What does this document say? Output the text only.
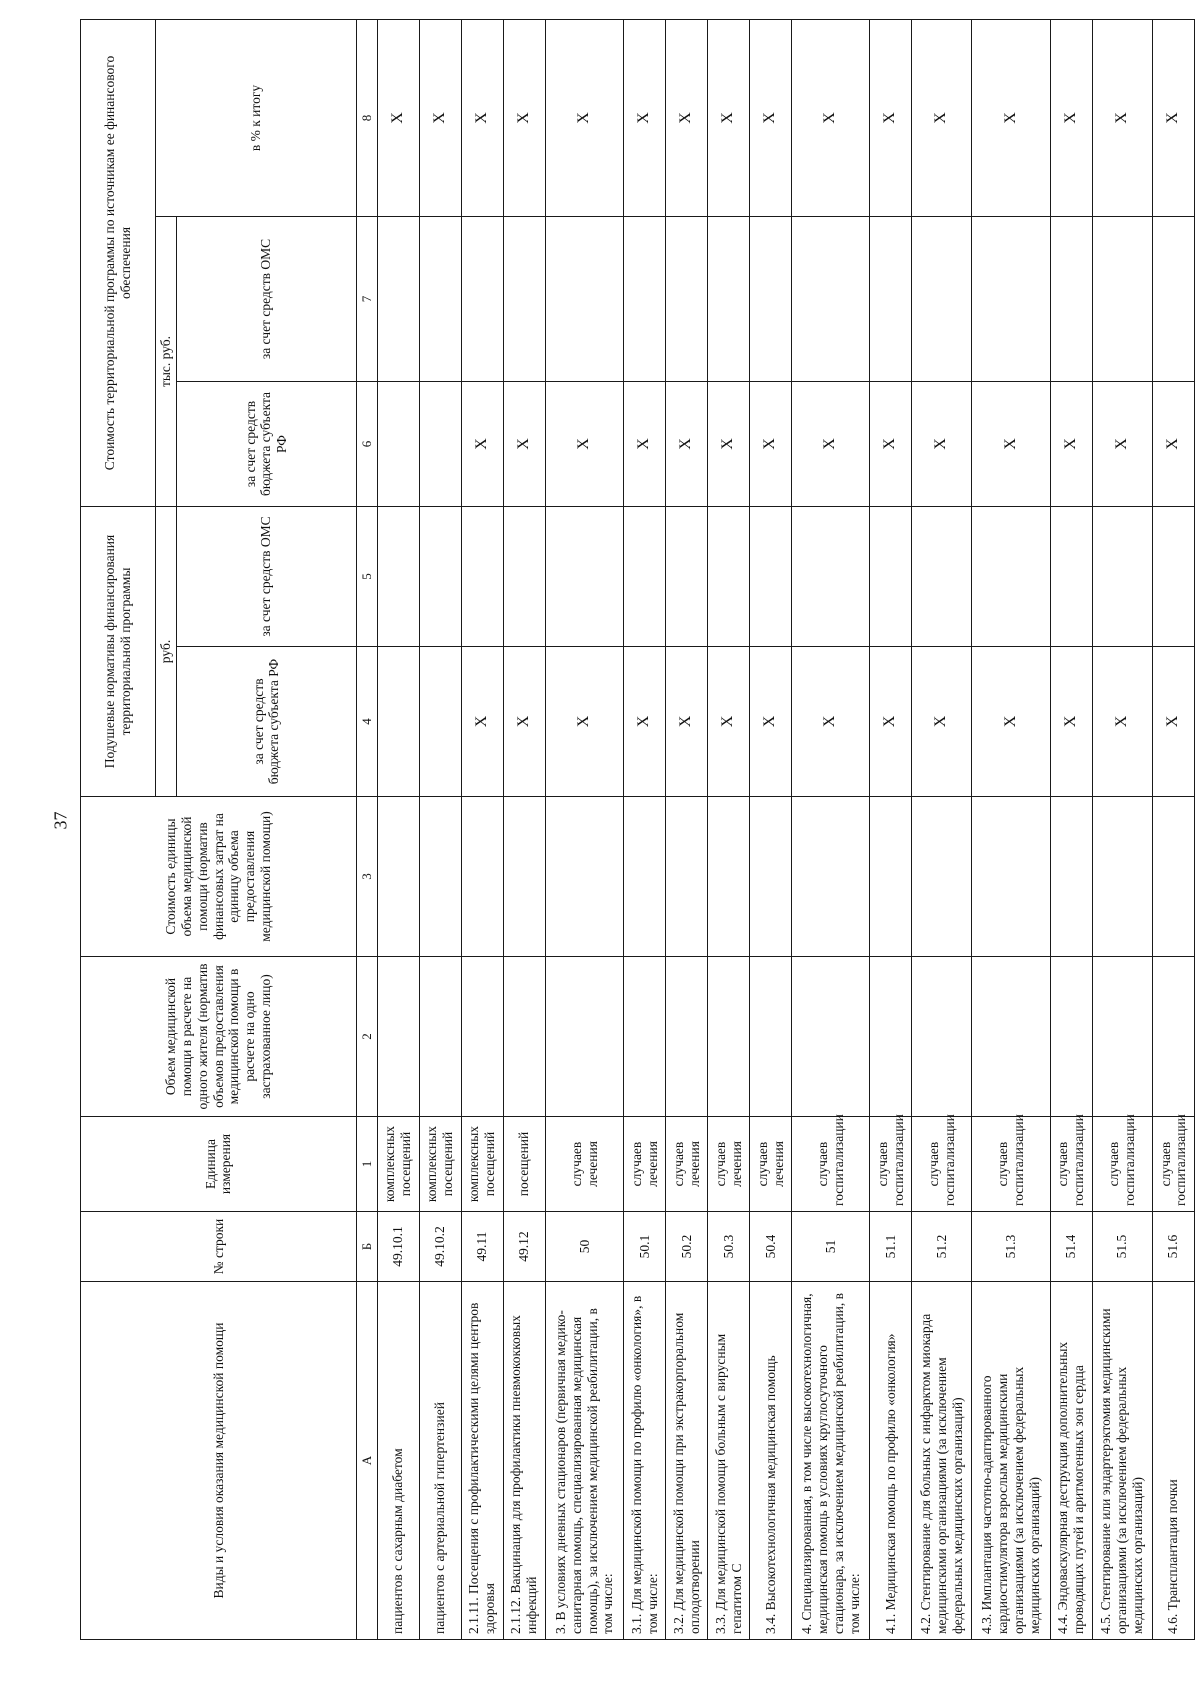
37
Виды и условия оказания медицинской помощи	№ строки	Единица измерения	Объем медицинской помощи в расчете на одного жителя (норматив объемов предоставления медицинской помощи в расчете на одно застрахованное лицо)	Стоимость единицы объема медицинской помощи (норматив финансовых затрат на единицу объема предоставления медицинской помощи)	Подушевые нормативы финансирования территориальной программы		Стоимость территориальной программы по источникам ее финансового обеспечения		
					руб.		тыс. руб.		в % к итогу
					за счет средств бюджета субъекта РФ	за счет средств ОМС	за счет средств бюджета субъекта РФ	за счет средств ОМС	
А	Б	1	2	3	4	5	6	7	8
пациентов с сахарным диабетом	49.10.1	комплексных посещений							X
пациентов с артериальной гипертензией	49.10.2	комплексных посещений							X
2.1.11. Посещения с профилактическими целями центров здоровья	49.11	комплексных посещений			X		X		X
2.1.12. Вакцинация для профилактики пневмококковых инфекций	49.12	посещений			X		X		X
3. В условиях дневных стационаров (первичная медико-санитарная помощь, специализированная медицинская помощь), за исключением медицинской реабилитации, в том числе:	50	случаев лечения			X		X		X
3.1. Для медицинской помощи по профилю «онкология», в том числе:	50.1	случаев лечения			X		X		X
3.2. Для медицинской помощи при экстракорпоральном оплодотворении	50.2	случаев лечения			X		X		X
3.3. Для медицинской помощи больным с вирусным гепатитом С	50.3	случаев лечения			X		X		X
3.4. Высокотехнологичная медицинская помощь	50.4	случаев лечения			X		X		X
4. Специализированная, в том числе высокотехнологичная, медицинская помощь в условиях круглосуточного стационара, за исключением медицинской реабилитации, в том числе:	51	случаев госпитализации			X		X		X
4.1. Медицинская помощь по профилю «онкология»	51.1	случаев госпитализации			X		X		X
4.2. Стентирование для больных с инфарктом миокарда медицинскими организациями (за исключением федеральных медицинских организаций)	51.2	случаев госпитализации			X		X		X
4.3. Имплантация частотно-адаптированного кардиостимулятора взрослым медицинскими организациями (за исключением федеральных медицинских организаций)	51.3	случаев госпитализации			X		X		X
4.4. Эндоваскулярная деструкция дополнительных проводящих путей и аритмогенных зон сердца	51.4	случаев госпитализации			X		X		X
4.5. Стентирование или эндартерэктомия медицинскими организациями (за исключением федеральных медицинских организаций)	51.5	случаев госпитализации			X		X		X
4.6. Трансплантация почки	51.6	случаев госпитализации			X		X		X
